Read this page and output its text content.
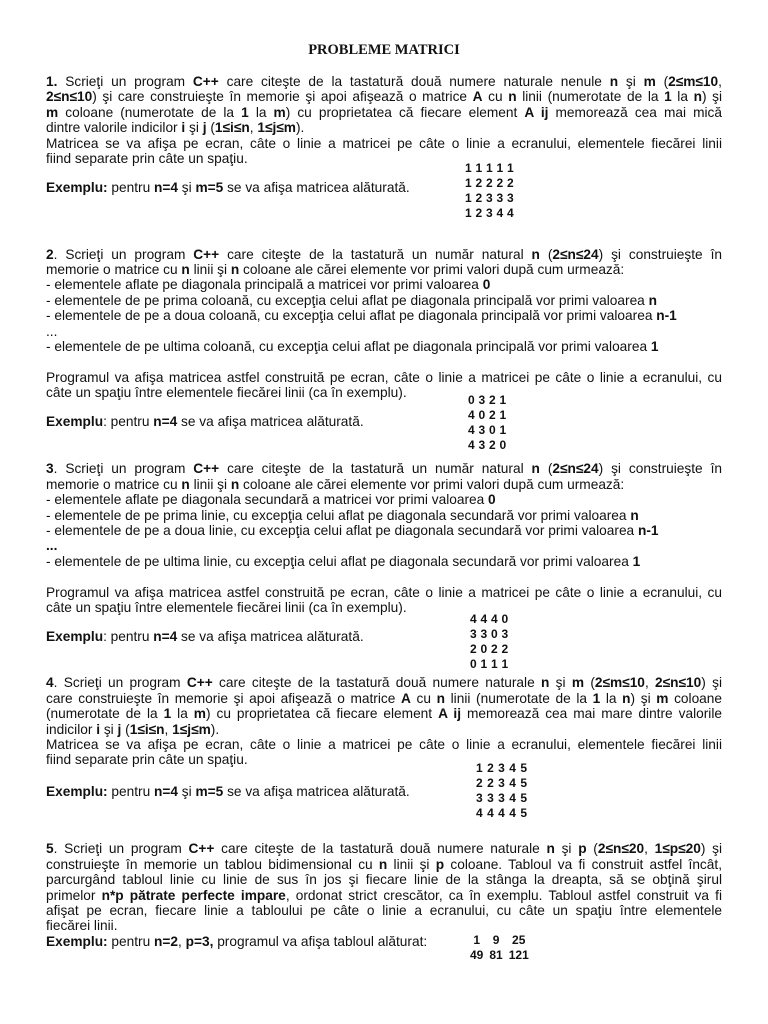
PROBLEME MATRICI
1. Scrieţi un program C++ care citeşte de la tastatură două numere naturale nenule n şi m (2≤m≤10,
2≤n≤10) şi care construieşte în memorie şi apoi afişează o matrice A cu n linii (numerotate de la 1 la n) şi
m coloane (numerotate de la 1 la m) cu proprietatea că fiecare element A ij memorează cea mai mică
dintre valorile indicilor i şi j (1≤i≤n, 1≤j≤m).
Matricea se va afişa pe ecran, câte o linie a matricei pe câte o linie a ecranului, elementele fiecărei linii
fiind separate prin câte un spaţiu.
Exemplu: pentru n=4 şi m=5 se va afişa matricea alăturată.
1 1 1 1 1
1 2 2 2 2
1 2 3 3 3
1 2 3 4 4
2. Scrieţi un program C++ care citeşte de la tastatură un număr natural n (2≤n≤24) şi construieşte în
memorie o matrice cu n linii şi n coloane ale cărei elemente vor primi valori după cum urmează:
- elementele aflate pe diagonala principală a matricei vor primi valoarea 0
- elementele de pe prima coloană, cu excepţia celui aflat pe diagonala principală vor primi valoarea n
- elementele de pe a doua coloană, cu excepţia celui aflat pe diagonala principală vor primi valoarea n-1
...
- elementele de pe ultima coloană, cu excepţia celui aflat pe diagonala principală vor primi valoarea 1
Programul va afişa matricea astfel construită pe ecran, câte o linie a matricei pe câte o linie a ecranului, cu
câte un spaţiu între elementele fiecărei linii (ca în exemplu).
Exemplu: pentru n=4 se va afişa matricea alăturată.
0 3 2 1
4 0 2 1
4 3 0 1
4 3 2 0
3. Scrieţi un program C++ care citeşte de la tastatură un număr natural n (2≤n≤24) şi construieşte în
memorie o matrice cu n linii şi n coloane ale cărei elemente vor primi valori după cum urmează:
- elementele aflate pe diagonala secundară a matricei vor primi valoarea 0
- elementele de pe prima linie, cu excepţia celui aflat pe diagonala secundară vor primi valoarea n
- elementele de pe a doua linie, cu excepţia celui aflat pe diagonala secundară vor primi valoarea n-1
...
- elementele de pe ultima linie, cu excepţia celui aflat pe diagonala secundară vor primi valoarea 1
Programul va afişa matricea astfel construită pe ecran, câte o linie a matricei pe câte o linie a ecranului, cu
câte un spaţiu între elementele fiecărei linii (ca în exemplu).
Exemplu: pentru n=4 se va afişa matricea alăturată.
4 4 4 0
3 3 0 3
2 0 2 2
0 1 1 1
4. Scrieţi un program C++ care citeşte de la tastatură două numere naturale n şi m (2≤m≤10, 2≤n≤10) şi
care construieşte în memorie şi apoi afişează o matrice A cu n linii (numerotate de la 1 la n) şi m coloane
(numerotate de la 1 la m) cu proprietatea că fiecare element A ij memorează cea mai mare dintre valorile
indicilor i şi j (1≤i≤n, 1≤j≤m).
Matricea se va afişa pe ecran, câte o linie a matricei pe câte o linie a ecranului, elementele fiecărei linii
fiind separate prin câte un spaţiu.
Exemplu: pentru n=4 şi m=5 se va afişa matricea alăturată.
1 2 3 4 5
2 2 3 4 5
3 3 3 4 5
4 4 4 4 5
5. Scrieţi un program C++ care citeşte de la tastatură două numere naturale n şi p (2≤n≤20, 1≤p≤20) şi
construieşte în memorie un tablou bidimensional cu n linii şi p coloane. Tabloul va fi construit astfel încât,
parcurgând tabloul linie cu linie de sus în jos şi fiecare linie de la stânga la dreapta, să se obţină şirul
primelor n*p pătrate perfecte impare, ordonat strict crescător, ca în exemplu. Tabloul astfel construit va fi
afişat pe ecran, fiecare linie a tabloului pe câte o linie a ecranului, cu câte un spaţiu între elementele
fiecărei linii.
Exemplu: pentru n=2, p=3, programul va afişa tabloul alăturat:	1 9 25
49 81 121
